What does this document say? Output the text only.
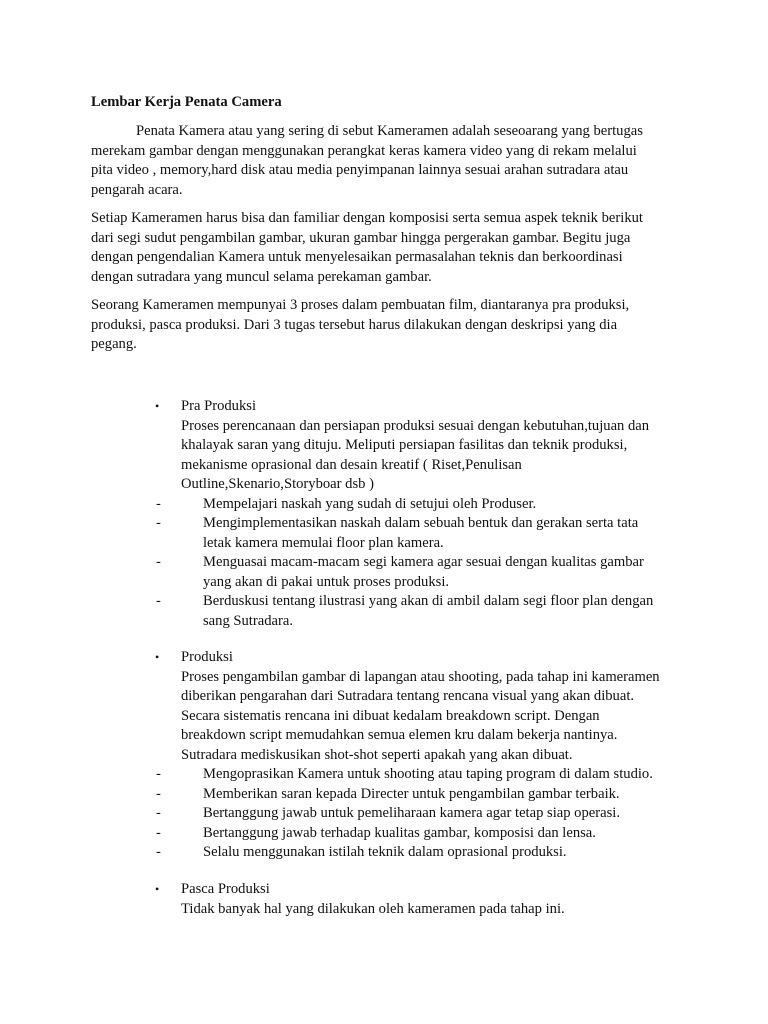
Lembar Kerja Penata Camera
Penata Kamera atau yang sering di sebut Kameramen adalah seseoarang yang bertugas
merekam gambar dengan menggunakan perangkat keras kamera video yang di rekam melalui
pita video , memory,hard disk atau media penyimpanan lainnya sesuai arahan sutradara atau
pengarah acara.
Setiap Kameramen harus bisa dan familiar dengan komposisi serta semua aspek teknik berikut
dari segi sudut pengambilan gambar, ukuran gambar hingga pergerakan gambar. Begitu juga
dengan pengendalian Kamera untuk menyelesaikan permasalahan teknis dan berkoordinasi
dengan sutradara yang muncul selama perekaman gambar.
Seorang Kameramen mempunyai 3 proses dalam pembuatan film, diantaranya pra produksi,
produksi, pasca produksi. Dari 3 tugas tersebut harus dilakukan dengan deskripsi yang dia
pegang.
•	Pra Produksi
Proses perencanaan dan persiapan produksi sesuai dengan kebutuhan,tujuan dan
khalayak saran yang dituju. Meliputi persiapan fasilitas dan teknik produksi,
mekanisme oprasional dan desain kreatif ( Riset,Penulisan
Outline,Skenario,Storyboar dsb )
-	Mempelajari naskah yang sudah di setujui oleh Produser.
-	Mengimplementasikan naskah dalam sebuah bentuk dan gerakan serta tata
letak kamera memulai floor plan kamera.
-	Menguasai macam-macam segi kamera agar sesuai dengan kualitas gambar
yang akan di pakai untuk proses produksi.
-	Berduskusi tentang ilustrasi yang akan di ambil dalam segi floor plan dengan
sang Sutradara.
•	Produksi
Proses pengambilan gambar di lapangan atau shooting, pada tahap ini kameramen
diberikan pengarahan dari Sutradara tentang rencana visual yang akan dibuat.
Secara sistematis rencana ini dibuat kedalam breakdown script. Dengan
breakdown script memudahkan semua elemen kru dalam bekerja nantinya.
Sutradara mediskusikan shot-shot seperti apakah yang akan dibuat.
-	Mengoprasikan Kamera untuk shooting atau taping program di dalam studio.
-	Memberikan saran kepada Directer untuk pengambilan gambar terbaik.
-	Bertanggung jawab untuk pemeliharaan kamera agar tetap siap operasi.
-	Bertanggung jawab terhadap kualitas gambar, komposisi dan lensa.
-	Selalu menggunakan istilah teknik dalam oprasional produksi.
•	Pasca Produksi
Tidak banyak hal yang dilakukan oleh kameramen pada tahap ini.
